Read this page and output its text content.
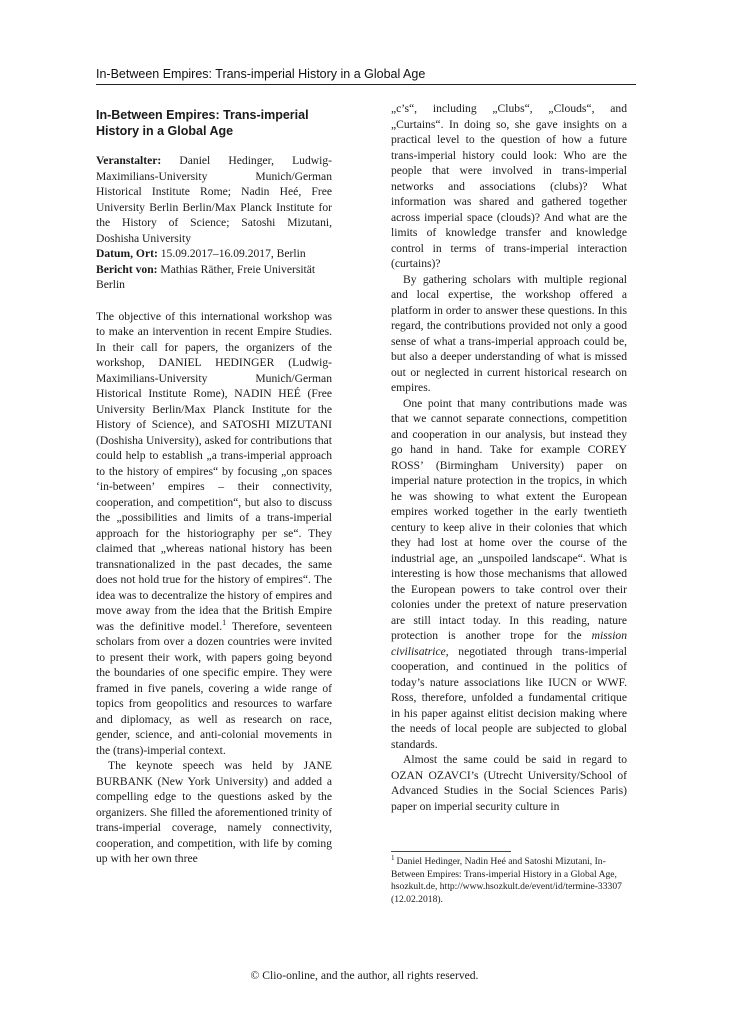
In-Between Empires: Trans-imperial History in a Global Age
In-Between Empires: Trans-imperial History in a Global Age
Veranstalter: Daniel Hedinger, Ludwig-Maximilians-University Munich/German Historical Institute Rome; Nadin Heé, Free University Berlin Berlin/Max Planck Institute for the History of Science; Satoshi Mizutani, Doshisha University
Datum, Ort: 15.09.2017–16.09.2017, Berlin
Bericht von: Mathias Räther, Freie Universität Berlin

The objective of this international workshop was to make an intervention in recent Empire Studies. In their call for papers, the organizers of the workshop, DANIEL HEDINGER (Ludwig-Maximilians-University Munich/German Historical Institute Rome), NADIN HEÉ (Free University Berlin/Max Planck Institute for the History of Science), and SATOSHI MIZUTANI (Doshisha University), asked for contributions that could help to establish „a trans-imperial approach to the history of empires“ by focusing „on spaces ‘in-between’ empires – their connectivity, cooperation, and competition“, but also to discuss the „possibilities and limits of a trans-imperial approach for the historiography per se“. They claimed that „whereas national history has been transnationalized in the past decades, the same does not hold true for the history of empires“. The idea was to decentralize the history of empires and move away from the idea that the British Empire was the definitive model.$^1$ Therefore, seventeen scholars from over a dozen countries were invited to present their work, with papers going beyond the boundaries of one specific empire. They were framed in five panels, covering a wide range of topics from geopolitics and resources to warfare and diplomacy, as well as research on race, gender, science, and anti-colonial movements in the (trans)-imperial context.

The keynote speech was held by JANE BURBANK (New York University) and added a compelling edge to the questions asked by the organizers. She filled the aforementioned trinity of trans-imperial coverage, namely connectivity, cooperation, and competition, with life by coming up with her own three

„c’s“, including „Clubs“, „Clouds“, and „Curtains“. In doing so, she gave insights on a practical level to the question of how a future trans-imperial history could look: Who are the people that were involved in trans-imperial networks and associations (clubs)? What information was shared and gathered together across imperial space (clouds)? And what are the limits of knowledge transfer and knowledge control in terms of trans-imperial interaction (curtains)?

By gathering scholars with multiple regional and local expertise, the workshop offered a platform in order to answer these questions. In this regard, the contributions provided not only a good sense of what a trans-imperial approach could be, but also a deeper understanding of what is missed out or neglected in current historical research on empires.

One point that many contributions made was that we cannot separate connections, competition and cooperation in our analysis, but instead they go hand in hand. Take for example COREY ROSS’ (Birmingham University) paper on imperial nature protection in the tropics, in which he was showing to what extent the European empires worked together in the early twentieth century to keep alive in their colonies that which they had lost at home over the course of the industrial age, an „unspoiled landscape“. What is interesting is how those mechanisms that allowed the European powers to take control over their colonies under the pretext of nature preservation are still intact today. In this reading, nature protection is another trope for the mission civilisatrice, negotiated through trans-imperial cooperation, and continued in the politics of today’s nature associations like IUCN or WWF. Ross, therefore, unfolded a fundamental critique in his paper against elitist decision making where the needs of local people are subjected to global standards.

Almost the same could be said in regard to OZAN OZAVCI’s (Utrecht University/School of Advanced Studies in the Social Sciences Paris) paper on imperial security culture in

$^1$ Daniel Hedinger, Nadin Heé and Satoshi Mizutani, In-Between Empires: Trans-imperial History in a Global Age, hsozkult.de, http://www.hsozkult.de/event/id/termine-33307 (12.02.2018).
© Clio-online, and the author, all rights reserved.
